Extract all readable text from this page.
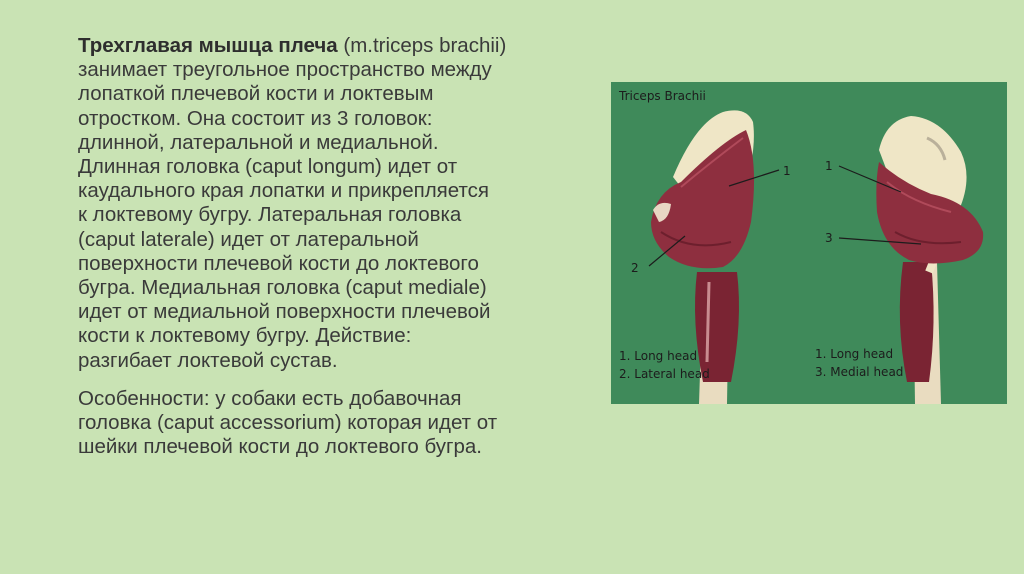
Трехглавая мышца плеча (m.triceps brachii)
занимает треугольное пространство между
лопаткой плечевой кости и локтевым
отростком. Она состоит из 3 головок:
длинной, латеральной и медиальной.
Длинная головка (caput longum) идет от
каудального края лопатки и прикрепляется
к локтевому бугру. Латеральная головка
(caput laterale) идет от латеральной
поверхности плечевой кости до локтевого
бугра. Медиальная головка (caput mediale)
идет от медиальной поверхности плечевой
кости к локтевому бугру. Действие:
разгибает локтевой сустав.
Особенности: у собаки есть добавочная
головка (caput accessorium) которая идет от
шейки плечевой кости до локтевого бугра.
Triceps Brachii
1
2
1. Long head
2. Lateral head
1
3
1. Long head
3. Medial head
